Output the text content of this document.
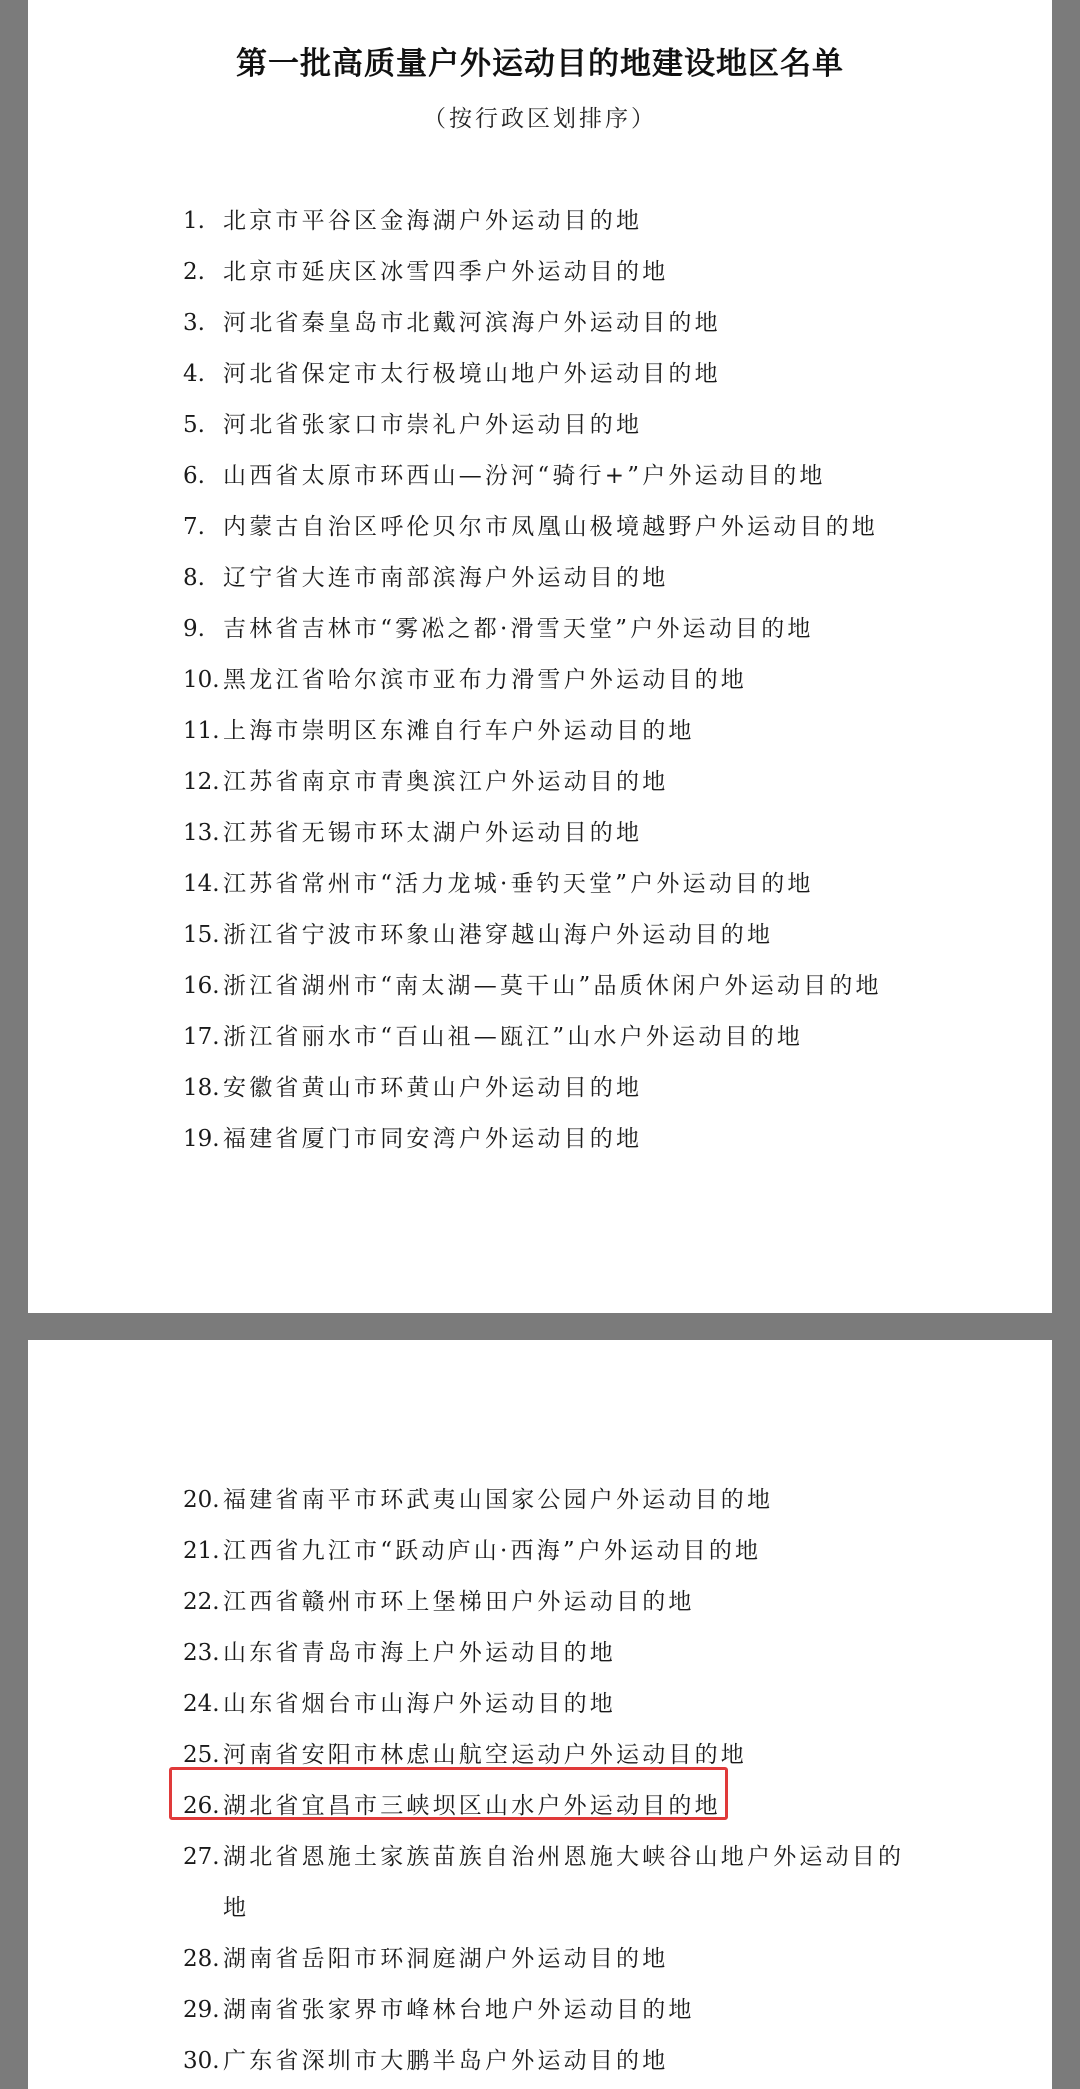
第一批高质量户外运动目的地建设地区名单
（按行政区划排序）
1. 北京市平谷区金海湖户外运动目的地
2. 北京市延庆区冰雪四季户外运动目的地
3. 河北省秦皇岛市北戴河滨海户外运动目的地
4. 河北省保定市太行极境山地户外运动目的地
5. 河北省张家口市崇礼户外运动目的地
6. 山西省太原市环西山—汾河“骑行+”户外运动目的地
7. 内蒙古自治区呼伦贝尔市凤凰山极境越野户外运动目的地
8. 辽宁省大连市南部滨海户外运动目的地
9. 吉林省吉林市“雾凇之都·滑雪天堂”户外运动目的地
10. 黑龙江省哈尔滨市亚布力滑雪户外运动目的地
11. 上海市崇明区东滩自行车户外运动目的地
12. 江苏省南京市青奥滨江户外运动目的地
13. 江苏省无锡市环太湖户外运动目的地
14. 江苏省常州市“活力龙城·垂钓天堂”户外运动目的地
15. 浙江省宁波市环象山港穿越山海户外运动目的地
16. 浙江省湖州市“南太湖—莫干山”品质休闲户外运动目的地
17. 浙江省丽水市“百山祖—瓯江”山水户外运动目的地
18. 安徽省黄山市环黄山户外运动目的地
19. 福建省厦门市同安湾户外运动目的地
20. 福建省南平市环武夷山国家公园户外运动目的地
21. 江西省九江市“跃动庐山·西海”户外运动目的地
22. 江西省赣州市环上堡梯田户外运动目的地
23. 山东省青岛市海上户外运动目的地
24. 山东省烟台市山海户外运动目的地
25. 河南省安阳市林虑山航空运动户外运动目的地
26. 湖北省宜昌市三峡坝区山水户外运动目的地
27. 湖北省恩施土家族苗族自治州恩施大峡谷山地户外运动目的地
28. 湖南省岳阳市环洞庭湖户外运动目的地
29. 湖南省张家界市峰林台地户外运动目的地
30. 广东省深圳市大鹏半岛户外运动目的地
